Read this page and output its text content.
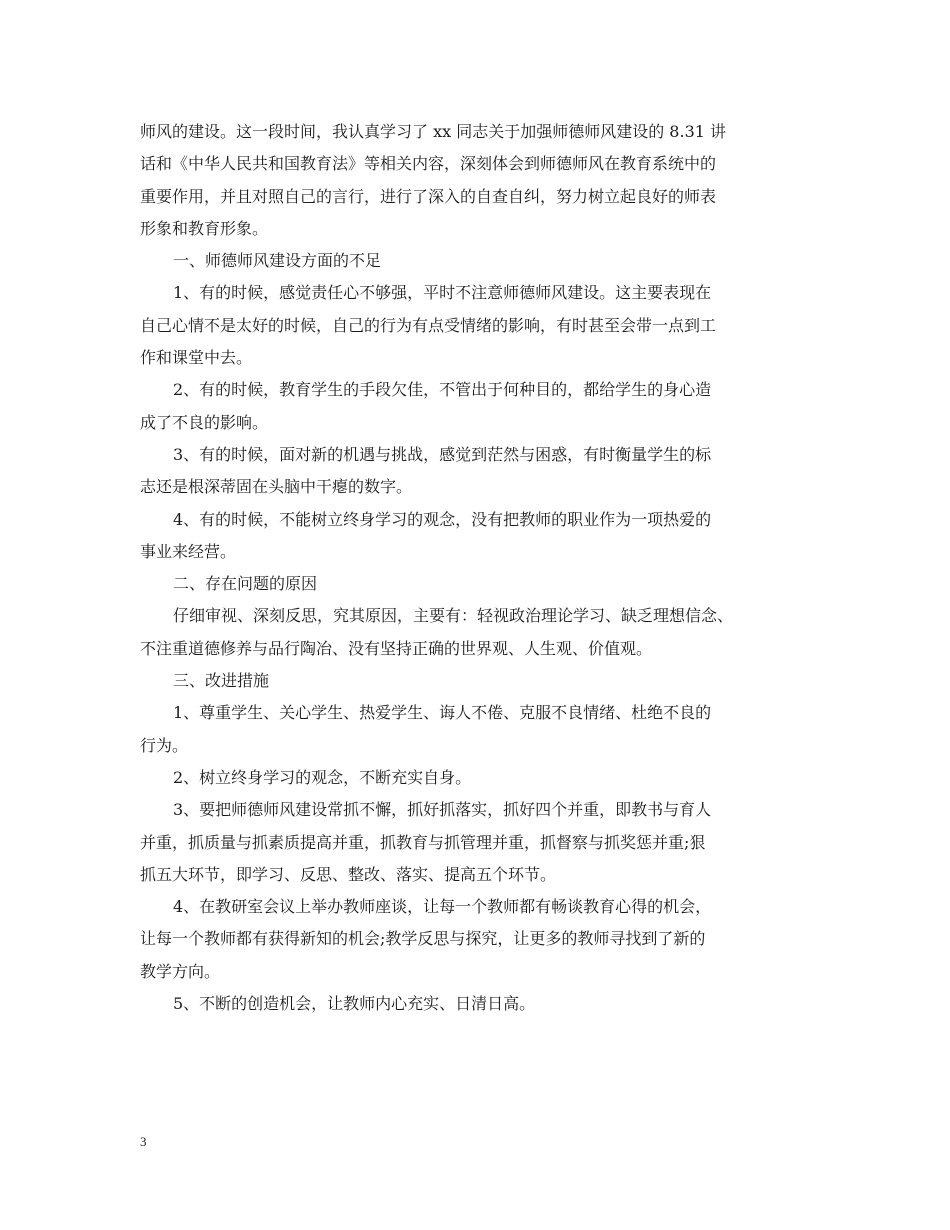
师风的建设。这一段时间，我认真学习了 xx 同志关于加强师德师风建设的 8.31 讲
话和《中华人民共和国教育法》等相关内容，深刻体会到师德师风在教育系统中的
重要作用，并且对照自己的言行，进行了深入的自查自纠，努力树立起良好的师表
形象和教育形象。
一、师德师风建设方面的不足
1、有的时候，感觉责任心不够强，平时不注意师德师风建设。这主要表现在
自己心情不是太好的时候，自己的行为有点受情绪的影响，有时甚至会带一点到工
作和课堂中去。
2、有的时候，教育学生的手段欠佳，不管出于何种目的，都给学生的身心造
成了不良的影响。
3、有的时候，面对新的机遇与挑战，感觉到茫然与困惑，有时衡量学生的标
志还是根深蒂固在头脑中干瘪的数字。
4、有的时候，不能树立终身学习的观念，没有把教师的职业作为一项热爱的
事业来经营。
二、存在问题的原因
仔细审视、深刻反思，究其原因，主要有：轻视政治理论学习、缺乏理想信念、
不注重道德修养与品行陶冶、没有坚持正确的世界观、人生观、价值观。
三、改进措施
1、尊重学生、关心学生、热爱学生、诲人不倦、克服不良情绪、杜绝不良的
行为。
2、树立终身学习的观念，不断充实自身。
3、要把师德师风建设常抓不懈，抓好抓落实，抓好四个并重，即教书与育人
并重，抓质量与抓素质提高并重，抓教育与抓管理并重，抓督察与抓奖惩并重;狠
抓五大环节，即学习、反思、整改、落实、提高五个环节。
4、在教研室会议上举办教师座谈，让每一个教师都有畅谈教育心得的机会，
让每一个教师都有获得新知的机会;教学反思与探究，让更多的教师寻找到了新的
教学方向。
5、不断的创造机会，让教师内心充实、日清日高。
3
